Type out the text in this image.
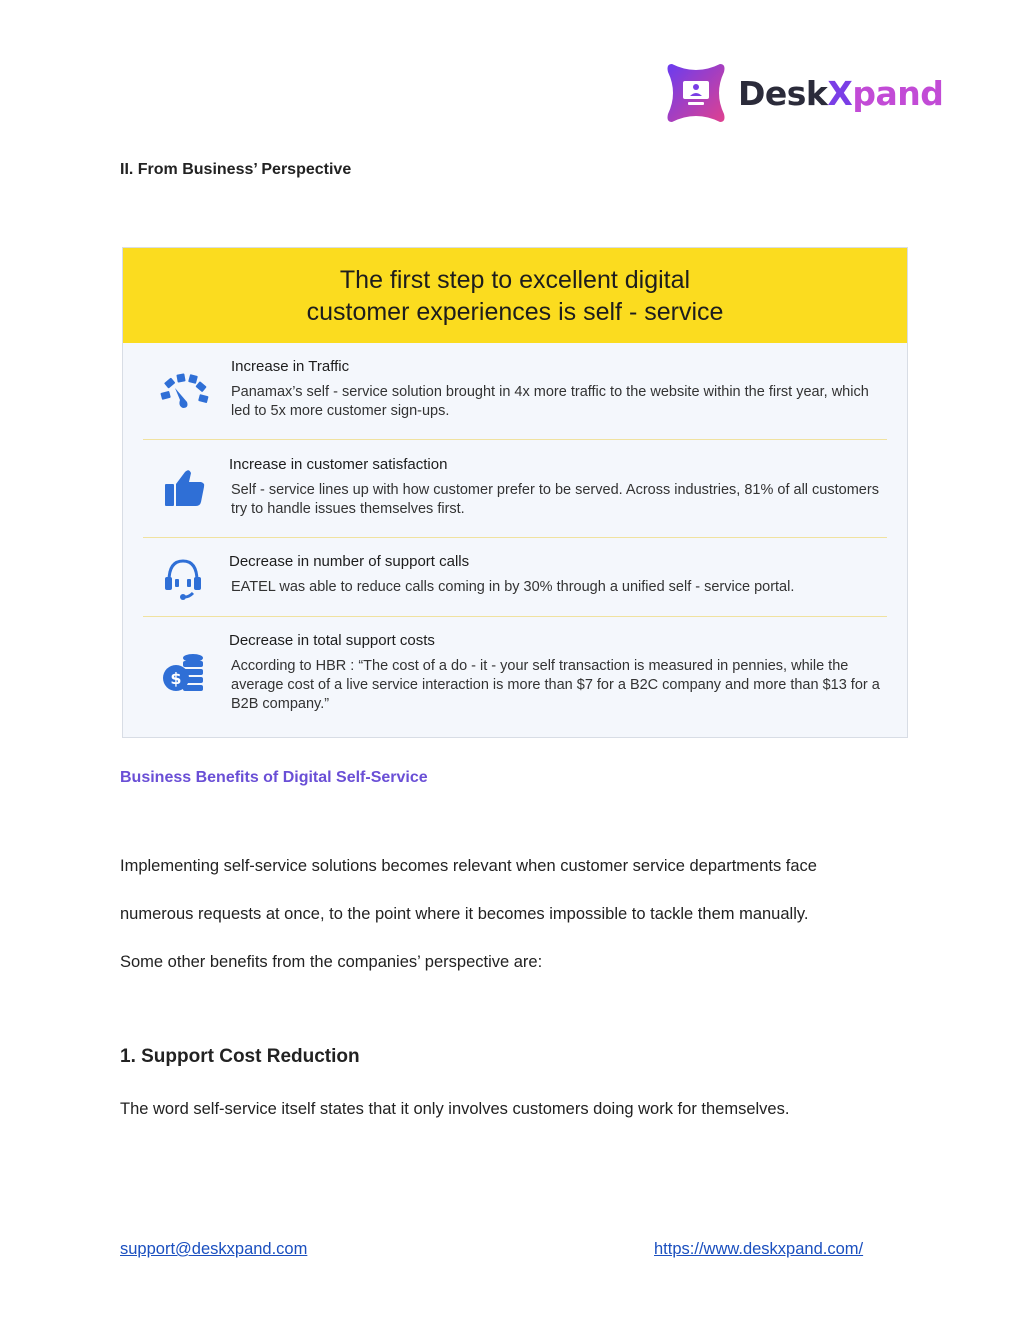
DeskXpand
II. From Business’ Perspective
The first step to excellent digital
customer experiences is self - service
Increase in Traffic
Panamax’s self - service solution brought in 4x more traffic to the website within the first year, which led to 5x more customer sign-ups.
Increase in customer satisfaction
Self - service lines up with how customer prefer to be served. Across industries, 81% of all customers try to handle issues themselves first.
Decrease in number of support calls
EATEL was able to reduce calls coming in by 30% through a unified self - service portal.
$
Decrease in total support costs
According to HBR : “The cost of a do - it - your self transaction is measured in pennies, while the average cost of a live service interaction is more than $7 for a B2C company and more than $13 for a B2B company.”
Business Benefits of Digital Self-Service
Implementing self-service solutions becomes relevant when customer service departments face
numerous requests at once, to the point where it becomes impossible to tackle them manually.
Some other benefits from the companies’ perspective are:
1. Support Cost Reduction
The word self-service itself states that it only involves customers doing work for themselves.
support@deskxpand.com	https://www.deskxpand.com/
